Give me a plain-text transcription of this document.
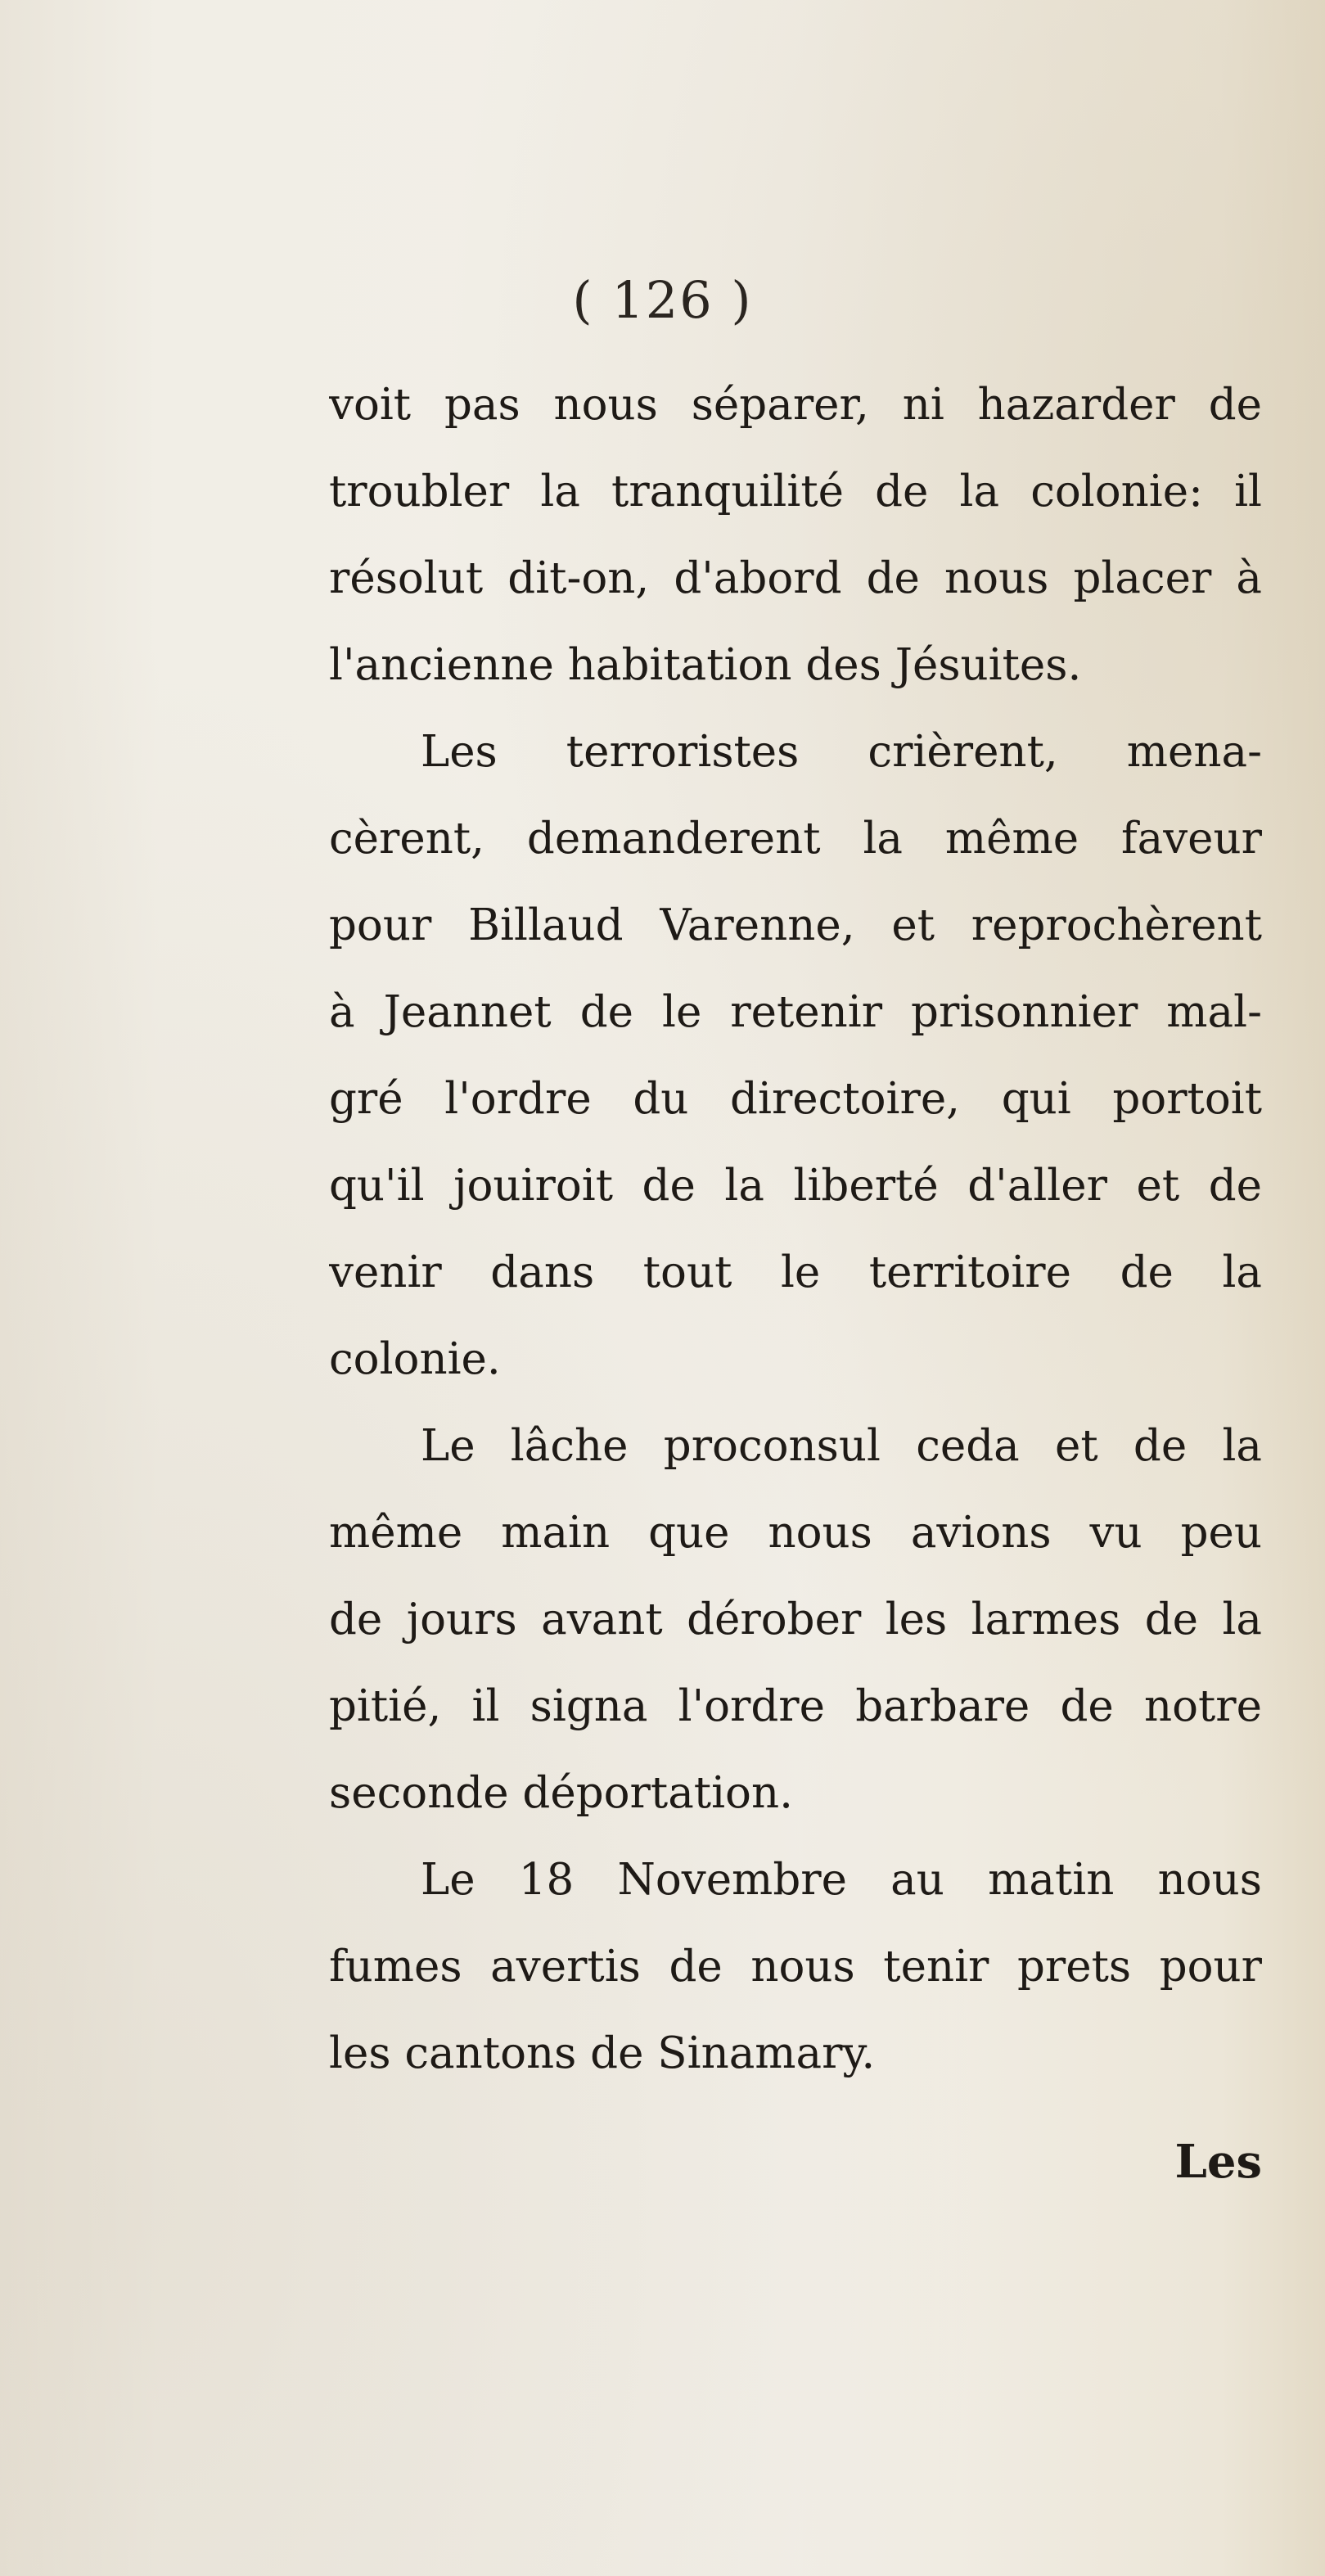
( 126 )
voit pas nous séparer, ni hazarder de
troubler la tranquilité de la colonie: il
résolut dit-on, d'abord de nous placer à
l'ancienne habitation des Jésuites.
Les terroristes crièrent, mena-
cèrent, demanderent la même faveur
pour Billaud Varenne, et reprochèrent
à Jeannet de le retenir prisonnier mal-
gré l'ordre du directoire, qui portoit
qu'il jouiroit de la liberté d'aller et de
venir dans tout le territoire de la
colonie.
Le lâche proconsul ceda et de la
même main que nous avions vu peu
de jours avant dérober les larmes de la
pitié, il signa l'ordre barbare de notre
seconde déportation.
Le 18 Novembre au matin nous
fumes avertis de nous tenir prets pour
les cantons de Sinamary.
Les
